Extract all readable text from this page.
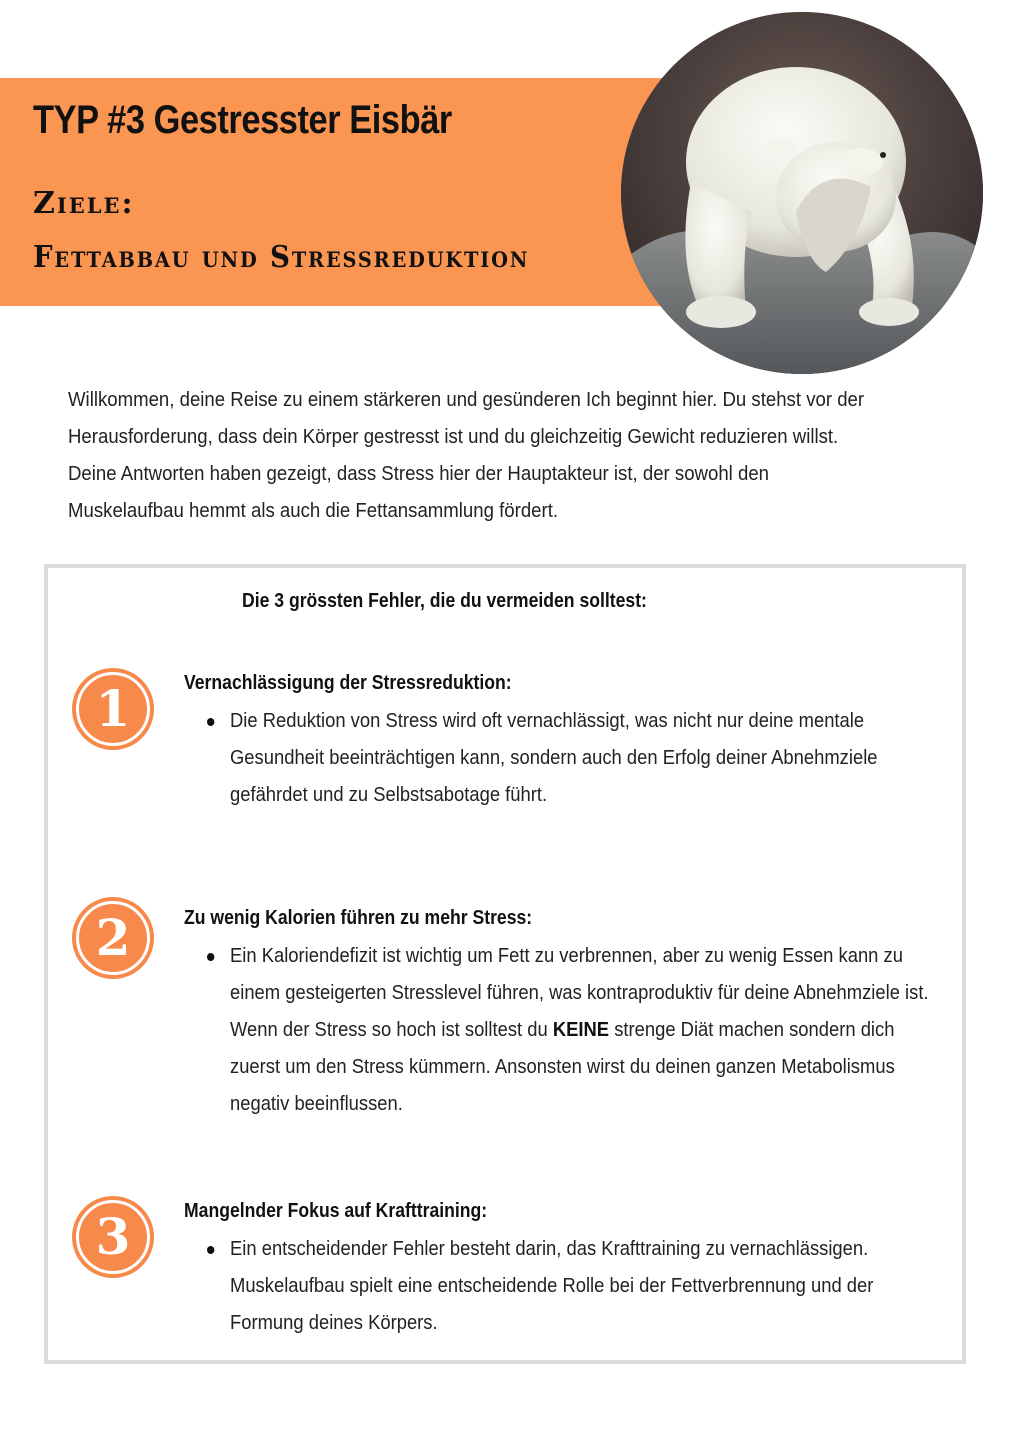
TYP #3 Gestresster Eisbär
Ziele:
Fettabbau und Stressreduktion

Willkommen, deine Reise zu einem stärkeren und gesünderen Ich beginnt hier. Du stehst vor der Herausforderung, dass dein Körper gestresst ist und du gleichzeitig Gewicht reduzieren willst. Deine Antworten haben gezeigt, dass Stress hier der Hauptakteur ist, der sowohl den Muskelaufbau hemmt als auch die Fettansammlung fördert.

Die 3 grössten Fehler, die du vermeiden solltest:

1	Vernachlässigung der Stressreduktion:

Die Reduktion von Stress wird oft vernachlässigt, was nicht nur deine mentale Gesundheit beeinträchtigen kann, sondern auch den Erfolg deiner Abnehmziele gefährdet und zu Selbstsabotage führt.
2	Zu wenig Kalorien führen zu mehr Stress:

Ein Kaloriendefizit ist wichtig um Fett zu verbrennen, aber zu wenig Essen kann zu einem gesteigerten Stresslevel führen, was kontraproduktiv für deine Abnehmziele ist. Wenn der Stress so hoch ist solltest du KEINE strenge Diät machen sondern dich zuerst um den Stress kümmern. Ansonsten wirst du deinen ganzen Metabolismus negativ beeinflussen.
3	Mangelnder Fokus auf Krafttraining:

Ein entscheidender Fehler besteht darin, das Krafttraining zu vernachlässigen. Muskelaufbau spielt eine entscheidende Rolle bei der Fettverbrennung und der Formung deines Körpers.
